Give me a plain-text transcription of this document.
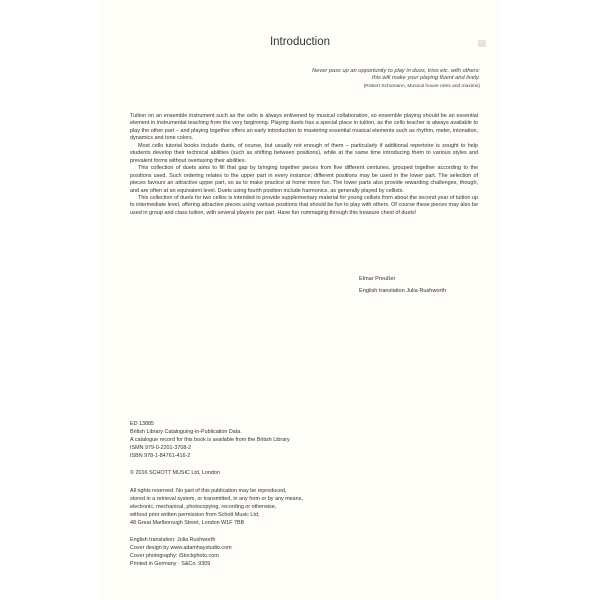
Introduction
Never pass up an opportunity to play in duos, trios etc. with others:
this will make your playing fluent and lively.
(Robert Schumann, Musical house rules and maxims)

Tuition on an ensemble instrument such as the cello is always enlivened by musical collaboration, so ensemble playing should be an essential element in instrumental teaching from the very beginning. Playing duets has a special place in tuition, as the cello teacher is always available to play the other part – and playing together offers an early introduction to mastering essential musical elements such as rhythm, meter, intonation, dynamics and tone colors.

Most cello tutorial books include duets, of course, but usually not enough of them – particularly if additional repertoire is sought to help students develop their technical abilities (such as shifting between positions), while at the same time introducing them to various styles and prevalent forms without overtaxing their abilities.

This collection of duets aims to fill that gap by bringing together pieces from five different centuries, grouped together according to the positions used. Such ordering relates to the upper part in every instance; different positions may be used in the lower part. The selection of pieces favours an attractive upper part, so as to make practice at home more fun. The lower parts also provide rewarding challenges, though, and are often at an equivalent level. Duets using fourth position include harmonics, as generally played by cellists.

This collection of duets for two cellos is intended to provide supplementary material for young cellists from about the second year of tuition up to intermediate level, offering attractive pieces using various positions that should be fun to play with others. Of course these pieces may also be used in group and class tuition, with several players per part. Have fun rummaging through this treasure chest of duets!

Elmar Preußer
English translation Julia Rushworth
ED 13885
British Library Cataloguing-in-Publication Data.
A catalogue record for this book is available from the British Library
ISMN 979-0-2201-3708-2
ISBN 978-1-84761-416-2
© 2016 SCHOTT MUSIC Ltd, London
All rights reserved. No part of this publication may be reproduced,
stored in a retrieval system, or transmitted, in any form or by any means,
electronic, mechanical, photocopying, recording or otherwise,
without prior written permission from Schott Music Ltd,
48 Great Marlborough Street, London W1F 7BB
English translation: Julia Rushworth
Cover design by www.adamhaystudio.com
Cover photography: iStockphoto.com
Printed in Germany · S&Co. 9309
